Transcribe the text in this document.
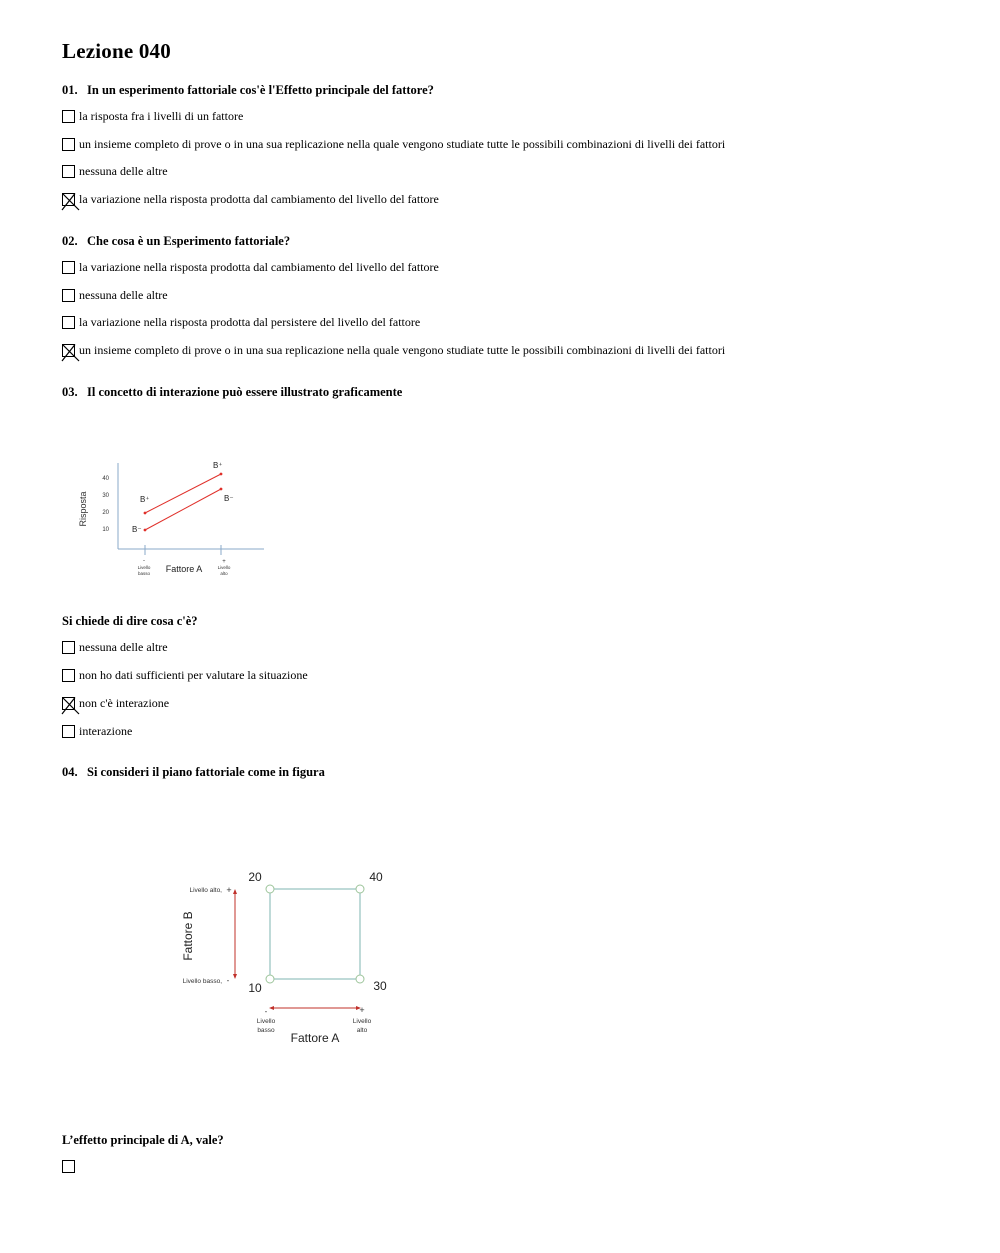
Lezione 040
01. In un esperimento fattoriale cos'è l'Effetto principale del fattore?
la risposta fra i livelli di un fattore
un insieme completo di prove o in una sua replicazione nella quale vengono studiate tutte le possibili combinazioni di livelli dei fattori
nessuna delle altre
la variazione nella risposta prodotta dal cambiamento del livello del fattore
02. Che cosa è un Esperimento fattoriale?
la variazione nella risposta prodotta dal cambiamento del livello del fattore
nessuna delle altre
la variazione nella risposta prodotta dal persistere del livello del fattore
un insieme completo di prove o in una sua replicazione nella quale vengono studiate tutte le possibili combinazioni di livelli dei fattori
03. Il concetto di interazione può essere illustrato graficamente
Risposta
40
30
20
10
B⁺
B⁺	B⁻
B⁻
-
Livello
basso
+
Livello
alto
Fattore A
Si chiede di dire cosa c'è?
nessuna delle altre
non ho dati sufficienti per valutare la situazione
non c'è interazione
interazione
04. Si consideri il piano fattoriale come in figura
20	40
10	30
Fattore B
Livello alto, +
Livello basso, -
-
Livello
basso
+
Livello
alto
Fattore A
L’effetto principale di A, vale?
